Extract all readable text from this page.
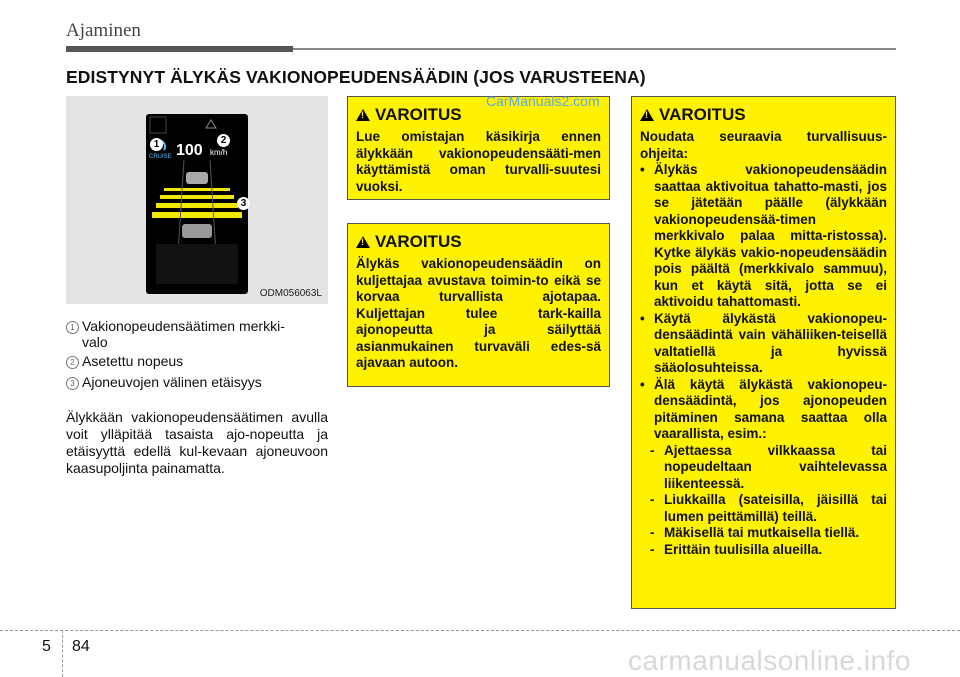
Ajaminen
EDISTYNYT ÄLYKÄS VAKIONOPEUDENSÄÄDIN (JOS VARUSTEENA)
CRUISE 100 km/h
1	2
3
ODM056063L
1 Vakionopeudensäätimen merkki-
valo
2 Asetettu nopeus
3 Ajoneuvojen välinen etäisyys
Älykkään vakionopeudensäätimen avulla voit ylläpitää tasaista ajo-nopeutta ja etäisyyttä edellä kul-kevaan ajoneuvoon kaasupoljinta painamatta.
!
VAROITUS
Lue omistajan käsikirja ennen älykkään vakionopeudensääti-men käyttämistä oman turvalli-suutesi vuoksi.
!
VAROITUS
Älykäs vakionopeudensäädin on kuljettajaa avustava toimin-to eikä se korvaa turvallista ajotapaa. Kuljettajan tulee tark-kailla ajonopeutta ja säilyttää asianmukainen turvaväli edes-sä ajavaan autoon.
!
VAROITUS
Noudata seuraavia turvallisuus-ohjeita:
• Älykäs vakionopeudensäädin saattaa aktivoitua tahatto-masti, jos se jätetään päälle (älykkään vakionopeudensää-timen merkkivalo palaa mitta-ristossa). Kytke älykäs vakio-nopeudensäädin pois päältä (merkkivalo sammuu), kun et käytä sitä, jotta se ei aktivoidu tahattomasti.
• Käytä älykästä vakionopeu-densäädintä vain vähäliiken-teisellä valtatiellä ja hyvissä sääolosuhteissa.
• Älä käytä älykästä vakionopeu-densäädintä, jos ajonopeuden pitäminen samana saattaa olla vaarallista, esim.:
- Ajettaessa vilkkaassa tai nopeudeltaan vaihtelevassa liikenteessä.
- Liukkailla (sateisilla, jäisillä tai lumen peittämillä) teillä.
- Mäkisellä tai mutkaisella tiellä.
- Erittäin tuulisilla alueilla.
CarManuals2.com
5 84	carmanualsonline.info
